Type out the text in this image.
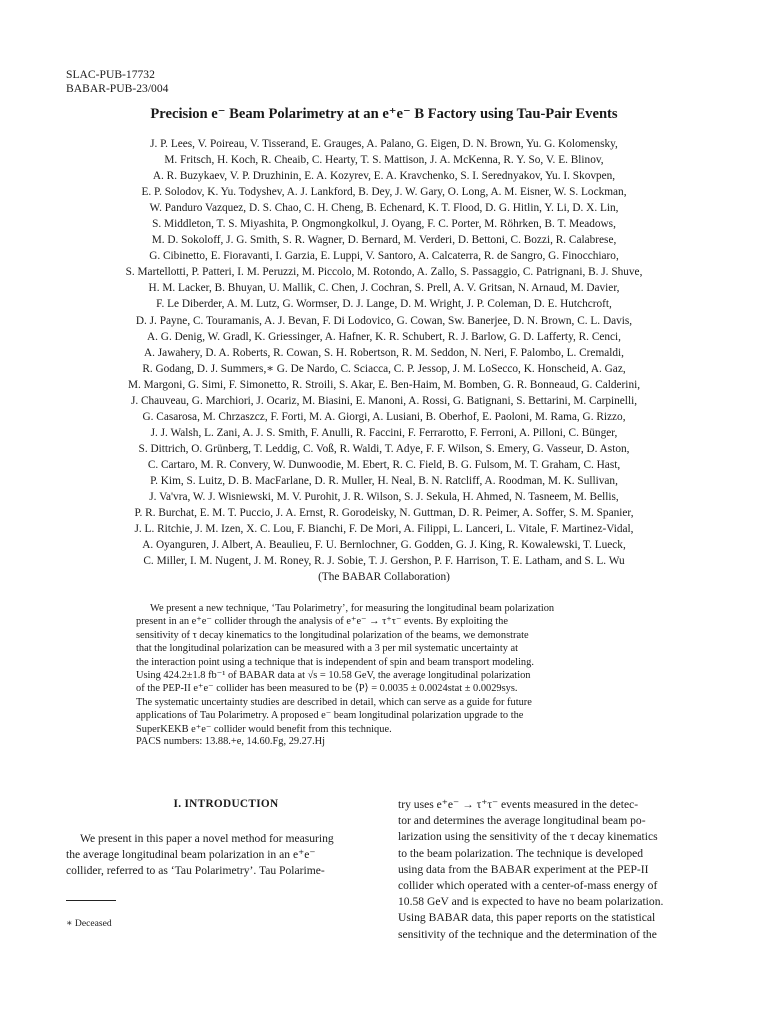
SLAC-PUB-17732
BABAR-PUB-23/004
Precision e⁻ Beam Polarimetry at an e⁺e⁻ B Factory using Tau-Pair Events
J. P. Lees, V. Poireau, V. Tisserand, E. Grauges, A. Palano, G. Eigen, D. N. Brown, Yu. G. Kolomensky,
M. Fritsch, H. Koch, R. Cheaib, C. Hearty, T. S. Mattison, J. A. McKenna, R. Y. So, V. E. Blinov,
A. R. Buzykaev, V. P. Druzhinin, E. A. Kozyrev, E. A. Kravchenko, S. I. Serednyakov, Yu. I. Skovpen,
E. P. Solodov, K. Yu. Todyshev, A. J. Lankford, B. Dey, J. W. Gary, O. Long, A. M. Eisner, W. S. Lockman,
W. Panduro Vazquez, D. S. Chao, C. H. Cheng, B. Echenard, K. T. Flood, D. G. Hitlin, Y. Li, D. X. Lin,
S. Middleton, T. S. Miyashita, P. Ongmongkolkul, J. Oyang, F. C. Porter, M. Röhrken, B. T. Meadows,
M. D. Sokoloff, J. G. Smith, S. R. Wagner, D. Bernard, M. Verderi, D. Bettoni, C. Bozzi, R. Calabrese,
G. Cibinetto, E. Fioravanti, I. Garzia, E. Luppi, V. Santoro, A. Calcaterra, R. de Sangro, G. Finocchiaro,
S. Martellotti, P. Patteri, I. M. Peruzzi, M. Piccolo, M. Rotondo, A. Zallo, S. Passaggio, C. Patrignani, B. J. Shuve,
H. M. Lacker, B. Bhuyan, U. Mallik, C. Chen, J. Cochran, S. Prell, A. V. Gritsan, N. Arnaud, M. Davier,
F. Le Diberder, A. M. Lutz, G. Wormser, D. J. Lange, D. M. Wright, J. P. Coleman, D. E. Hutchcroft,
D. J. Payne, C. Touramanis, A. J. Bevan, F. Di Lodovico, G. Cowan, Sw. Banerjee, D. N. Brown, C. L. Davis,
A. G. Denig, W. Gradl, K. Griessinger, A. Hafner, K. R. Schubert, R. J. Barlow, G. D. Lafferty, R. Cenci,
A. Jawahery, D. A. Roberts, R. Cowan, S. H. Robertson, R. M. Seddon, N. Neri, F. Palombo, L. Cremaldi,
R. Godang, D. J. Summers,∗ G. De Nardo, C. Sciacca, C. P. Jessop, J. M. LoSecco, K. Honscheid, A. Gaz,
M. Margoni, G. Simi, F. Simonetto, R. Stroili, S. Akar, E. Ben-Haim, M. Bomben, G. R. Bonneaud, G. Calderini,
J. Chauveau, G. Marchiori, J. Ocariz, M. Biasini, E. Manoni, A. Rossi, G. Batignani, S. Bettarini, M. Carpinelli,
G. Casarosa, M. Chrzaszcz, F. Forti, M. A. Giorgi, A. Lusiani, B. Oberhof, E. Paoloni, M. Rama, G. Rizzo,
J. J. Walsh, L. Zani, A. J. S. Smith, F. Anulli, R. Faccini, F. Ferrarotto, F. Ferroni, A. Pilloni, C. Bünger,
S. Dittrich, O. Grünberg, T. Leddig, C. Voß, R. Waldi, T. Adye, F. F. Wilson, S. Emery, G. Vasseur, D. Aston,
C. Cartaro, M. R. Convery, W. Dunwoodie, M. Ebert, R. C. Field, B. G. Fulsom, M. T. Graham, C. Hast,
P. Kim, S. Luitz, D. B. MacFarlane, D. R. Muller, H. Neal, B. N. Ratcliff, A. Roodman, M. K. Sullivan,
J. Va'vra, W. J. Wisniewski, M. V. Purohit, J. R. Wilson, S. J. Sekula, H. Ahmed, N. Tasneem, M. Bellis,
P. R. Burchat, E. M. T. Puccio, J. A. Ernst, R. Gorodeisky, N. Guttman, D. R. Peimer, A. Soffer, S. M. Spanier,
J. L. Ritchie, J. M. Izen, X. C. Lou, F. Bianchi, F. De Mori, A. Filippi, L. Lanceri, L. Vitale, F. Martinez-Vidal,
A. Oyanguren, J. Albert, A. Beaulieu, F. U. Bernlochner, G. Godden, G. J. King, R. Kowalewski, T. Lueck,
C. Miller, I. M. Nugent, J. M. Roney, R. J. Sobie, T. J. Gershon, P. F. Harrison, T. E. Latham, and S. L. Wu
(The BABAR Collaboration)
We present a new technique, ‘Tau Polarimetry’, for measuring the longitudinal beam polarization
present in an e⁺e⁻ collider through the analysis of e⁺e⁻ → τ⁺τ⁻ events. By exploiting the
sensitivity of τ decay kinematics to the longitudinal polarization of the beams, we demonstrate
that the longitudinal polarization can be measured with a 3 per mil systematic uncertainty at
the interaction point using a technique that is independent of spin and beam transport modeling.
Using 424.2±1.8 fb⁻¹ of BABAR data at √s = 10.58 GeV, the average longitudinal polarization
of the PEP-II e⁺e⁻ collider has been measured to be ⟨P⟩ = 0.0035 ± 0.0024stat ± 0.0029sys.
The systematic uncertainty studies are described in detail, which can serve as a guide for future
applications of Tau Polarimetry. A proposed e⁻ beam longitudinal polarization upgrade to the
SuperKEKB e⁺e⁻ collider would benefit from this technique.
PACS numbers: 13.88.+e, 14.60.Fg, 29.27.Hj
I. INTRODUCTION
We present in this paper a novel method for measuring
the average longitudinal beam polarization in an e⁺e⁻
collider, referred to as ‘Tau Polarimetry’. Tau Polarime-
∗ Deceased
try uses e⁺e⁻ → τ⁺τ⁻ events measured in the detec-
tor and determines the average longitudinal beam po-
larization using the sensitivity of the τ decay kinematics
to the beam polarization. The technique is developed
using data from the BABAR experiment at the PEP-II
collider which operated with a center-of-mass energy of
10.58 GeV and is expected to have no beam polarization.
Using BABAR data, this paper reports on the statistical
sensitivity of the technique and the determination of the
